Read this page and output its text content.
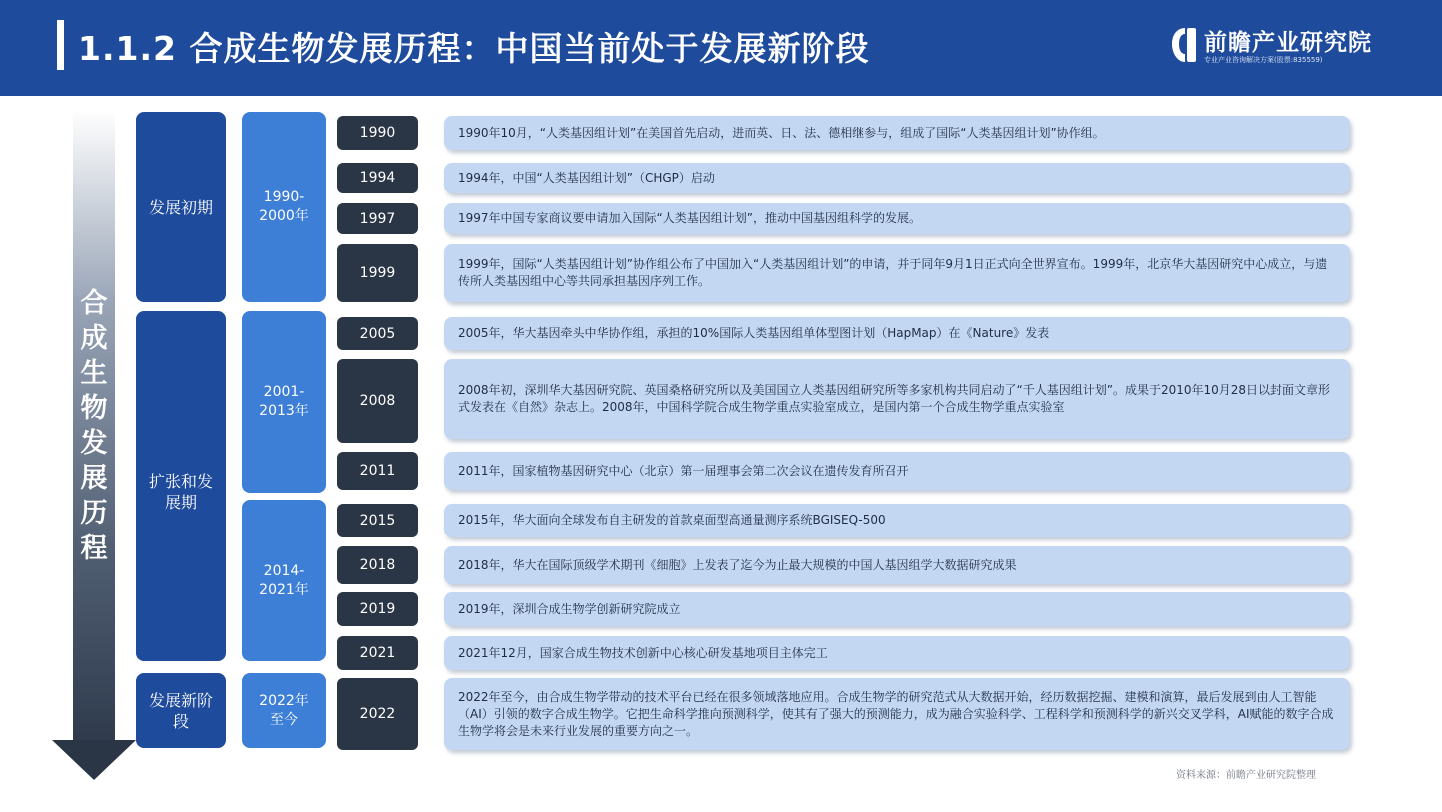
1.1.2 合成生物发展历程：中国当前处于发展新阶段	前瞻产业研究院
专业产业咨询解决方案(股票:835559)
合成生物发展历程
发展初期
扩张和发展期
发展新阶段
1990-2000年
2001-2013年
2014-2021年
2022年至今
1990
1994
1997
1999
2005
2008
2011
2015
2018
2019
2021
2022
1990年10月，“人类基因组计划”在美国首先启动，进而英、日、法、德相继参与，组成了国际“人类基因组计划”协作组。
1994年，中国“人类基因组计划”（CHGP）启动
1997年中国专家商议要申请加入国际“人类基因组计划”，推动中国基因组科学的发展。
1999年，国际“人类基因组计划”协作组公布了中国加入“人类基因组计划”的申请，并于同年9月1日正式向全世界宣布。1999年，北京华大基因研究中心成立，与遗传所人类基因组中心等共同承担基因序列工作。
2005年，华大基因牵头中华协作组，承担的10%国际人类基因组单体型图计划（HapMap）在《Nature》发表
2008年初，深圳华大基因研究院、英国桑格研究所以及美国国立人类基因组研究所等多家机构共同启动了“千人基因组计划”。成果于2010年10月28日以封面文章形式发表在《自然》杂志上。2008年，中国科学院合成生物学重点实验室成立，是国内第一个合成生物学重点实验室
2011年，国家植物基因研究中心（北京）第一届理事会第二次会议在遗传发育所召开
2015年，华大面向全球发布自主研发的首款桌面型高通量测序系统BGISEQ-500
2018年，华大在国际顶级学术期刊《细胞》上发表了迄今为止最大规模的中国人基因组学大数据研究成果
2019年，深圳合成生物学创新研究院成立
2021年12月，国家合成生物技术创新中心核心研发基地项目主体完工
2022年至今，由合成生物学带动的技术平台已经在很多领域落地应用。合成生物学的研究范式从大数据开始，经历数据挖掘、建模和演算，最后发展到由人工智能（AI）引领的数字合成生物学。它把生命科学推向预测科学，使其有了强大的预测能力，成为融合实验科学、工程科学和预测科学的新兴交叉学科，AI赋能的数字合成生物学将会是未来行业发展的重要方向之一。
资料来源：前瞻产业研究院整理
